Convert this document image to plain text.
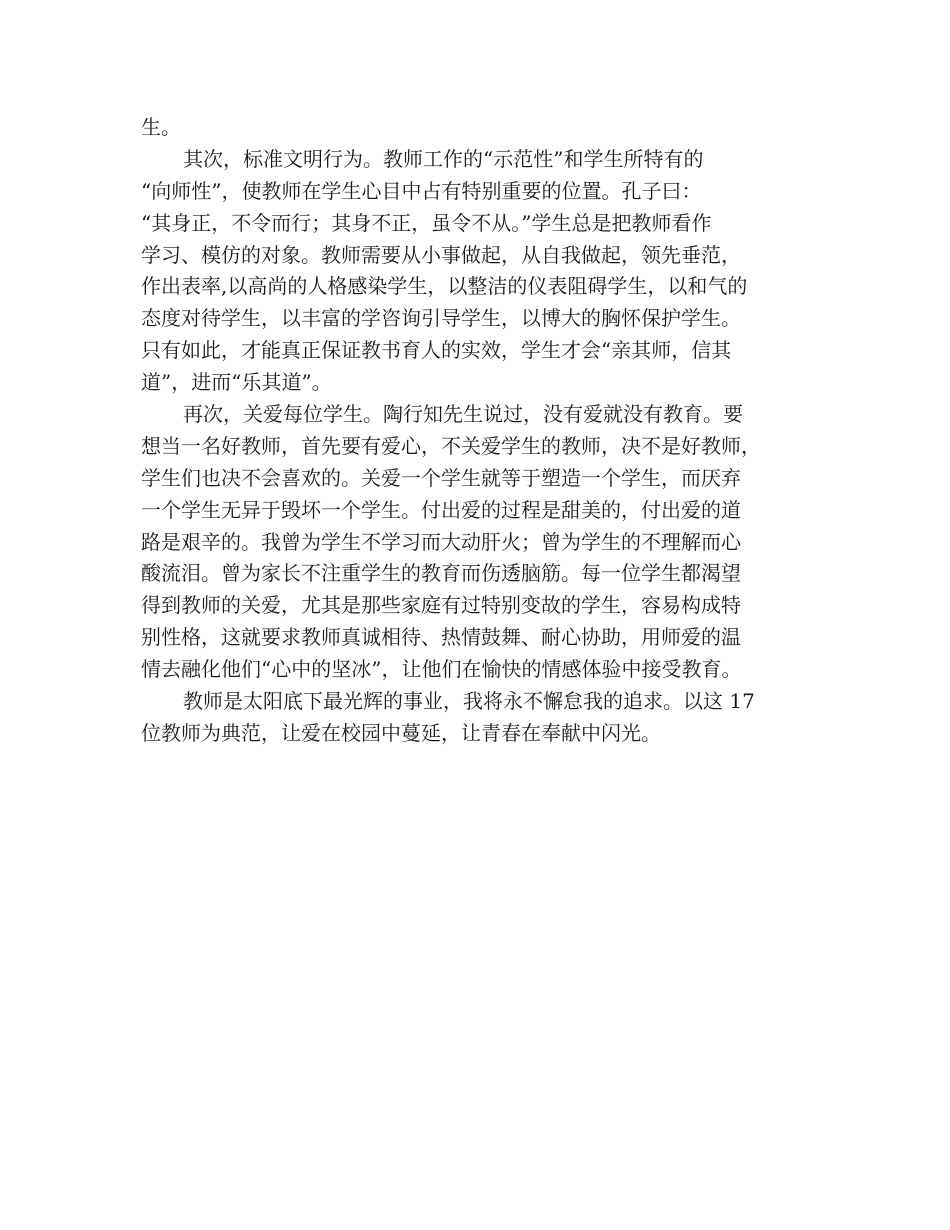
生。
其次，标准文明行为。教师工作的“示范性”和学生所特有的
“向师性”，使教师在学生心目中占有特别重要的位置。孔子曰：
“其身正，不令而行；其身不正，虽令不从。”学生总是把教师看作
学习、模仿的对象。教师需要从小事做起，从自我做起，领先垂范，
作出表率,以高尚的人格感染学生，以整洁的仪表阻碍学生，以和气的
态度对待学生，以丰富的学咨询引导学生，以博大的胸怀保护学生。
只有如此，才能真正保证教书育人的实效，学生才会“亲其师，信其
道”，进而“乐其道”。
再次，关爱每位学生。陶行知先生说过，没有爱就没有教育。要
想当一名好教师，首先要有爱心，不关爱学生的教师，决不是好教师，
学生们也决不会喜欢的。关爱一个学生就等于塑造一个学生，而厌弃
一个学生无异于毁坏一个学生。付出爱的过程是甜美的，付出爱的道
路是艰辛的。我曾为学生不学习而大动肝火；曾为学生的不理解而心
酸流泪。曾为家长不注重学生的教育而伤透脑筋。每一位学生都渴望
得到教师的关爱，尤其是那些家庭有过特别变故的学生，容易构成特
别性格，这就要求教师真诚相待、热情鼓舞、耐心协助，用师爱的温
情去融化他们“心中的坚冰”，让他们在愉快的情感体验中接受教育。
教师是太阳底下最光辉的事业，我将永不懈怠我的追求。以这 17
位教师为典范，让爱在校园中蔓延，让青春在奉献中闪光。
